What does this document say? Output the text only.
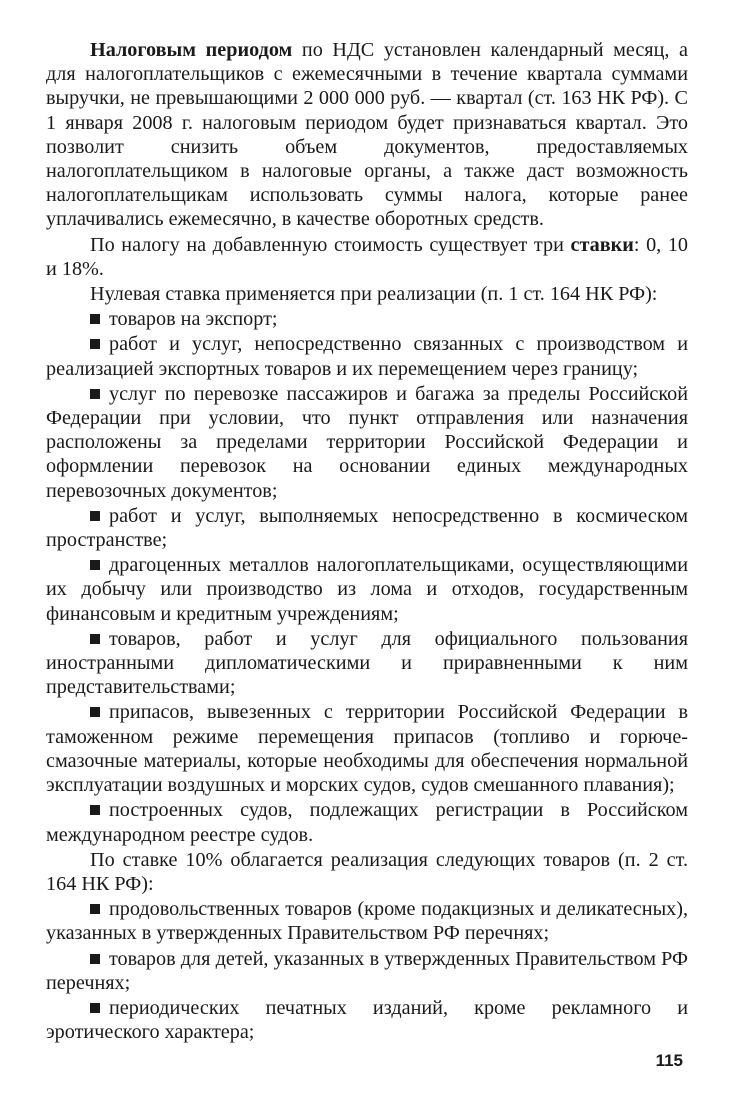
Налоговым периодом по НДС установлен календарный месяц, а для налогоплательщиков с ежемесячными в течение квартала суммами выручки, не превышающими 2 000 000 руб. — квартал (ст. 163 НК РФ). С 1 января 2008 г. налоговым периодом будет признаваться квартал. Это позволит снизить объем документов, предоставляемых налогоплательщиком в налоговые органы, а также даст возможность налогоплательщикам использовать суммы налога, которые ранее уплачивались ежемесячно, в качестве оборотных средств.

По налогу на добавленную стоимость существует три ставки: 0, 10 и 18%.

Нулевая ставка применяется при реализации (п. 1 ст. 164 НК РФ):

товаров на экспорт;

работ и услуг, непосредственно связанных с производством и реализацией экспортных товаров и их перемещением через границу;

услуг по перевозке пассажиров и багажа за пределы Российской Федерации при условии, что пункт отправления или назначения расположены за пределами территории Российской Федерации и оформлении перевозок на основании единых международных перевозочных документов;

работ и услуг, выполняемых непосредственно в космическом пространстве;

драгоценных металлов налогоплательщиками, осуществляющими их добычу или производство из лома и отходов, государственным финансовым и кредитным учреждениям;

товаров, работ и услуг для официального пользования иностранными дипломатическими и приравненными к ним представительствами;

припасов, вывезенных с территории Российской Федерации в таможенном режиме перемещения припасов (топливо и горюче-смазочные материалы, которые необходимы для обеспечения нормальной эксплуатации воздушных и морских судов, судов смешанного плавания);

построенных судов, подлежащих регистрации в Российском международном реестре судов.

По ставке 10% облагается реализация следующих товаров (п. 2 ст. 164 НК РФ):

продовольственных товаров (кроме подакцизных и деликатесных), указанных в утвержденных Правительством РФ перечнях;

товаров для детей, указанных в утвержденных Правительством РФ перечнях;

периодических печатных изданий, кроме рекламного и эротического характера;

115
